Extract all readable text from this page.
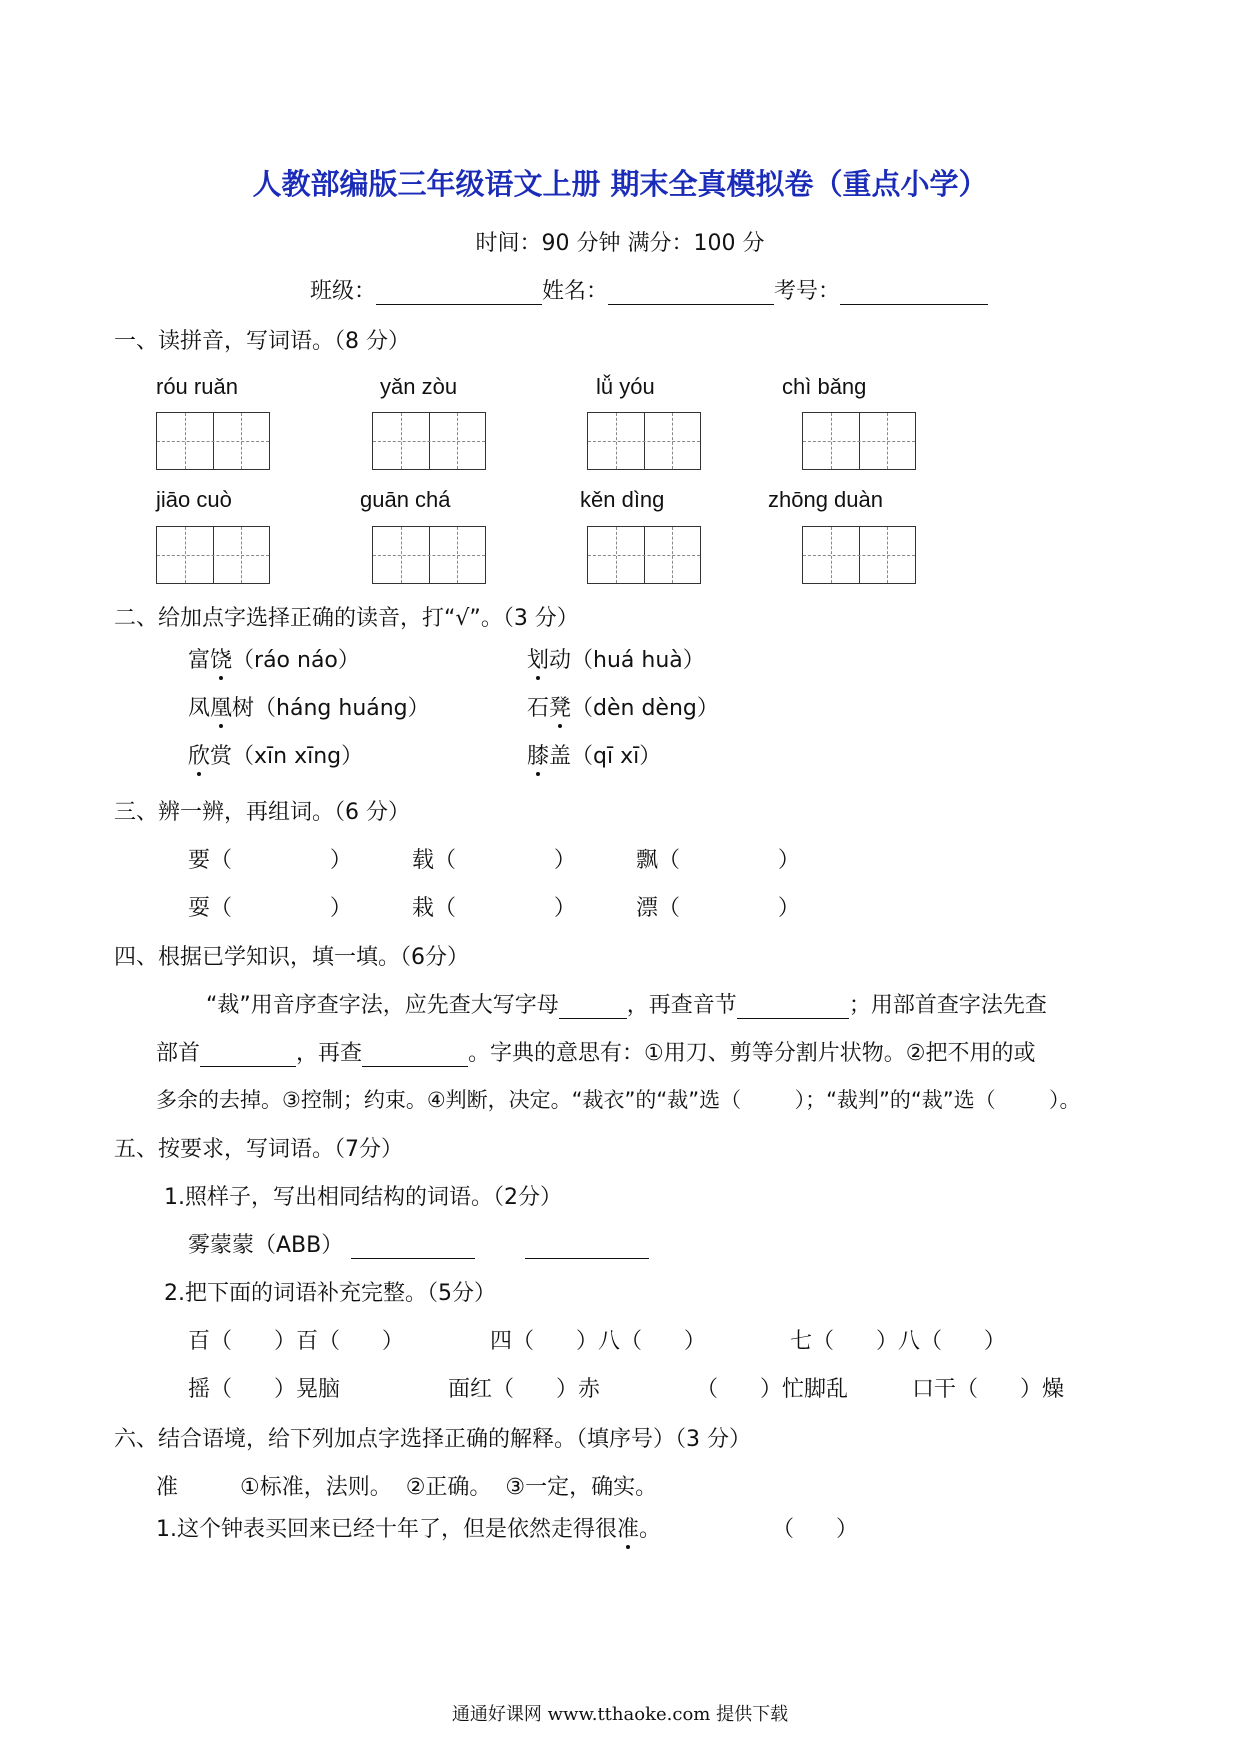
人教部编版三年级语文上册 期末全真模拟卷（重点小学）
时间：90 分钟 满分：100 分
班级：	姓名：	考号：
一、读拼音，写词语。（8 分）
róu ruǎn	yǎn zòu	lǚ yóu	chì bǎng
jiāo cuò	guān chá	kěn dìng	zhōng duàn
二、给加点字选择正确的读音，打“√”。（3 分）
富饶（ráo náo）	划动（huá huà）
凤凰树（háng huáng）	石凳（dèn dèng）
欣赏（xīn xīng）	膝盖（qī xī）
三、辨一辨，再组词。（6 分）
要（              ）	载（              ）	飘（              ）
耍（              ）	栽（              ）	漂（              ）
四、根据已学知识，填一填。（6分）
“裁”用音序查字法，应先查大写字母	，再查音节	；用部首查字法先查
部首	，再查	。字典的意思有：①用刀、剪等分割片状物。②把不用的或
多余的去掉。③控制；约束。④判断，决定。“裁衣”的“裁”选（        ）；“裁判”的“裁”选（        ）。
五、按要求，写词语。（7分）
1.照样子，写出相同结构的词语。（2分）
雾蒙蒙（ABB）
2.把下面的词语补充完整。（5分）
百（      ）百（      ）	四（      ）八（      ）	七（      ）八（      ）
摇（      ）晃脑	面红（      ）赤	（      ）忙脚乱	口干（      ）燥
六、结合语境，给下列加点字选择正确的解释。（填序号）（3 分）
准	①标准，法则。  ②正确。  ③一定，确实。
1.这个钟表买回来已经十年了，但是依然走得很准。	（      ）
通通好课网 www.tthaoke.com 提供下载
